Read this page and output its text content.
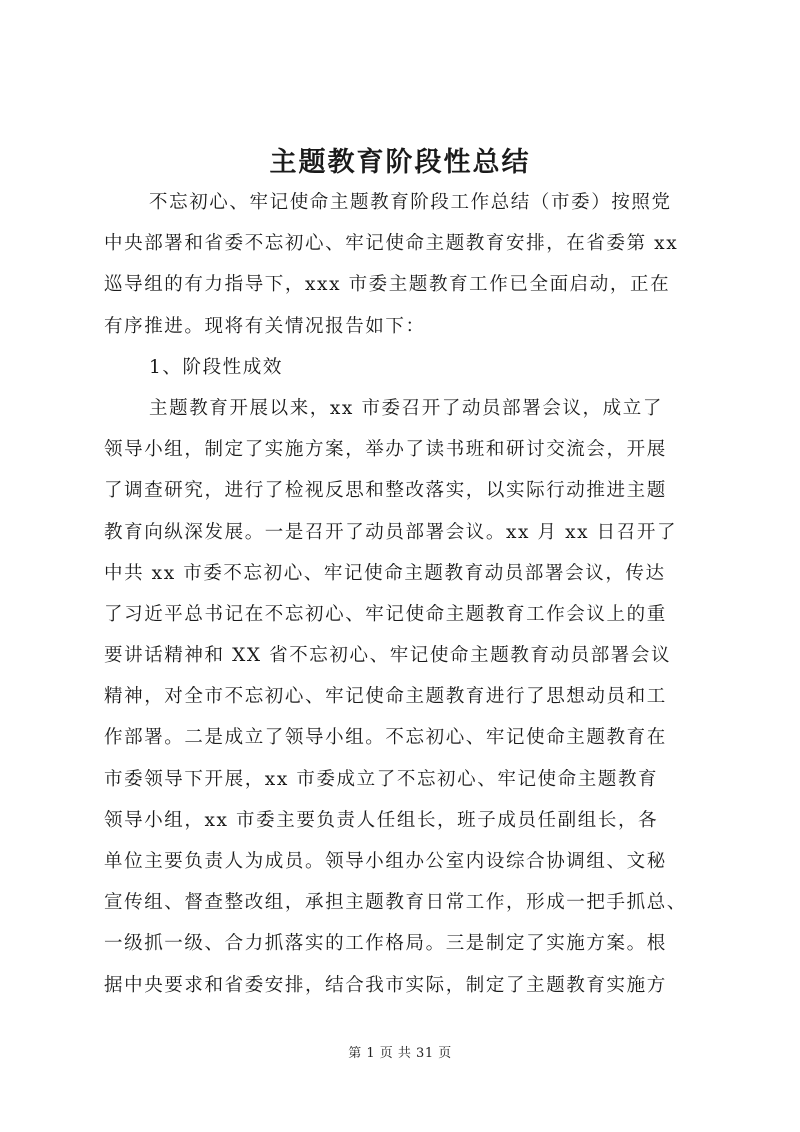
主题教育阶段性总结
不忘初心、牢记使命主题教育阶段工作总结（市委）按照党
中央部署和省委不忘初心、牢记使命主题教育安排，在省委第 xx
巡导组的有力指导下，xxx 市委主题教育工作已全面启动，正在
有序推进。现将有关情况报告如下：
1、阶段性成效
主题教育开展以来，xx 市委召开了动员部署会议，成立了
领导小组，制定了实施方案，举办了读书班和研讨交流会，开展
了调查研究，进行了检视反思和整改落实，以实际行动推进主题
教育向纵深发展。一是召开了动员部署会议。xx 月 xx 日召开了
中共 xx 市委不忘初心、牢记使命主题教育动员部署会议，传达
了习近平总书记在不忘初心、牢记使命主题教育工作会议上的重
要讲话精神和 XX 省不忘初心、牢记使命主题教育动员部署会议
精神，对全市不忘初心、牢记使命主题教育进行了思想动员和工
作部署。二是成立了领导小组。不忘初心、牢记使命主题教育在
市委领导下开展，xx 市委成立了不忘初心、牢记使命主题教育
领导小组，xx 市委主要负责人任组长，班子成员任副组长，各
单位主要负责人为成员。领导小组办公室内设综合协调组、文秘
宣传组、督查整改组，承担主题教育日常工作，形成一把手抓总、
一级抓一级、合力抓落实的工作格局。三是制定了实施方案。根
据中央要求和省委安排，结合我市实际，制定了主题教育实施方
第 1 页 共 31 页
